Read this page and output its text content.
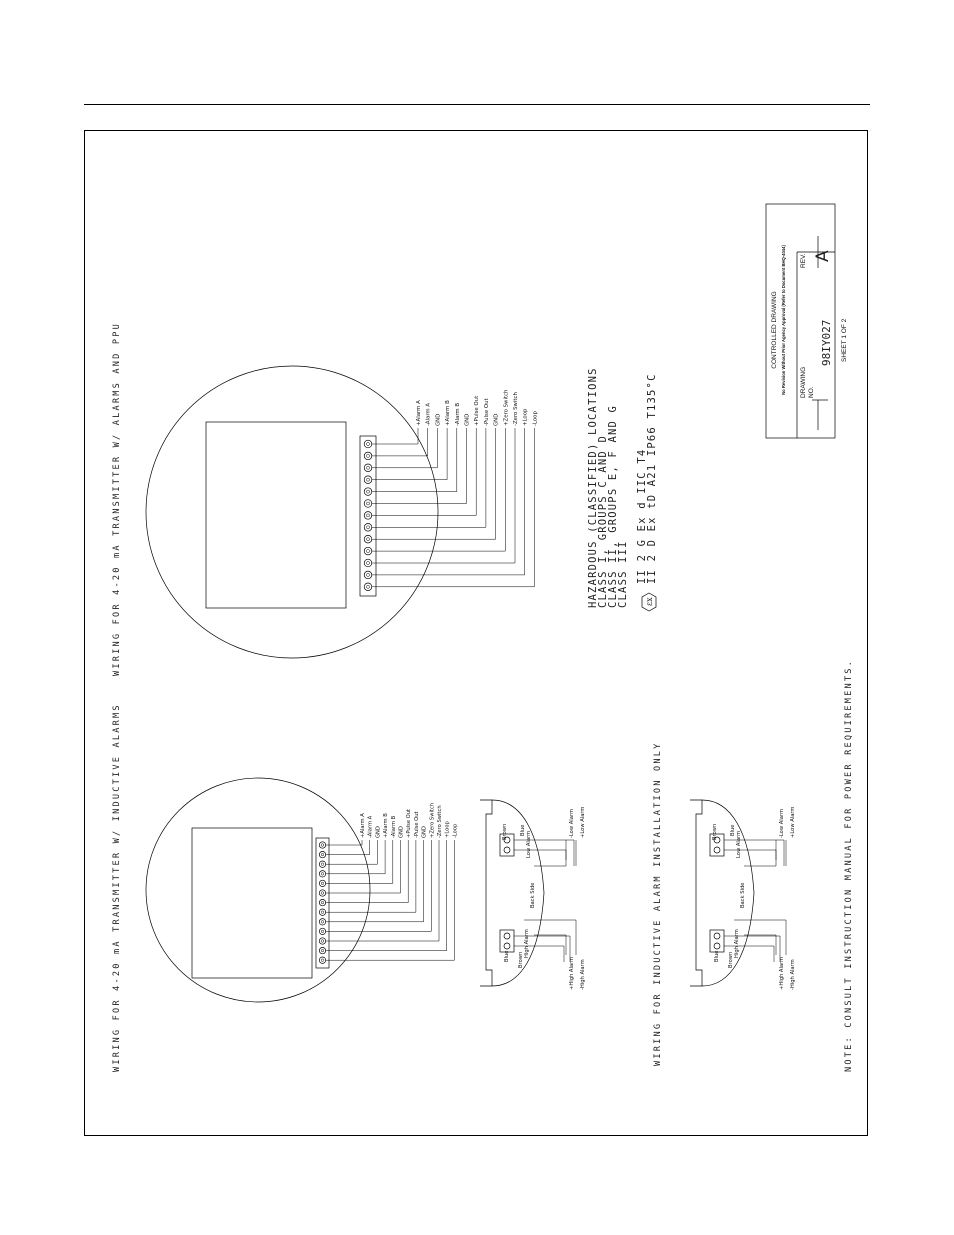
+Alarm A -Alarm A GND +Alarm B -Alarm B GND +Pulse Out -Pulse Out GND +Zero Switch -Zero Switch +Loop -Loop
+Alarm A -Alarm A GND +Alarm B -Alarm B GND +Pulse Out -Pulse Out GND +Zero Switch -Zero Switch +Loop -Loop
Brown Blue
Low Alarm
Back Side
Blue Brown
High Alarm
-Low Alarm +Low Alarm
+High Alarm -High Alarm
Brown Blue
Low Alarm
Back Side
Blue Brown
High Alarm
-Low Alarm +Low Alarm
+High Alarm -High Alarm
WIRING FOR 4-20 mA TRANSMITTER W/ INDUCTIVE ALARMS
WIRING FOR 4-20 mA TRANSMITTER W/ ALARMS AND PPU
WIRING FOR INDUCTIVE ALARM INSTALLATION ONLY	NOTE: CONSULT INSTRUCTION MANUAL FOR POWER REQUIREMENTS.
HAZARDOUS (CLASSIFIED) LOCATIONS
CLASS I, GROUPS C AND D
CLASS II, GROUPS E, F AND G
CLASS III εx
II 2 G Ex d IIC T4
II 2 D Ex tD A21 IP66 T135°C
CONTROLLED DRAWING No Revision Without Prior Agency Approval (Refer to Document BHQ-4044) DRAWING NO.
98IY027
REV. A
SHEET 1 OF 2
